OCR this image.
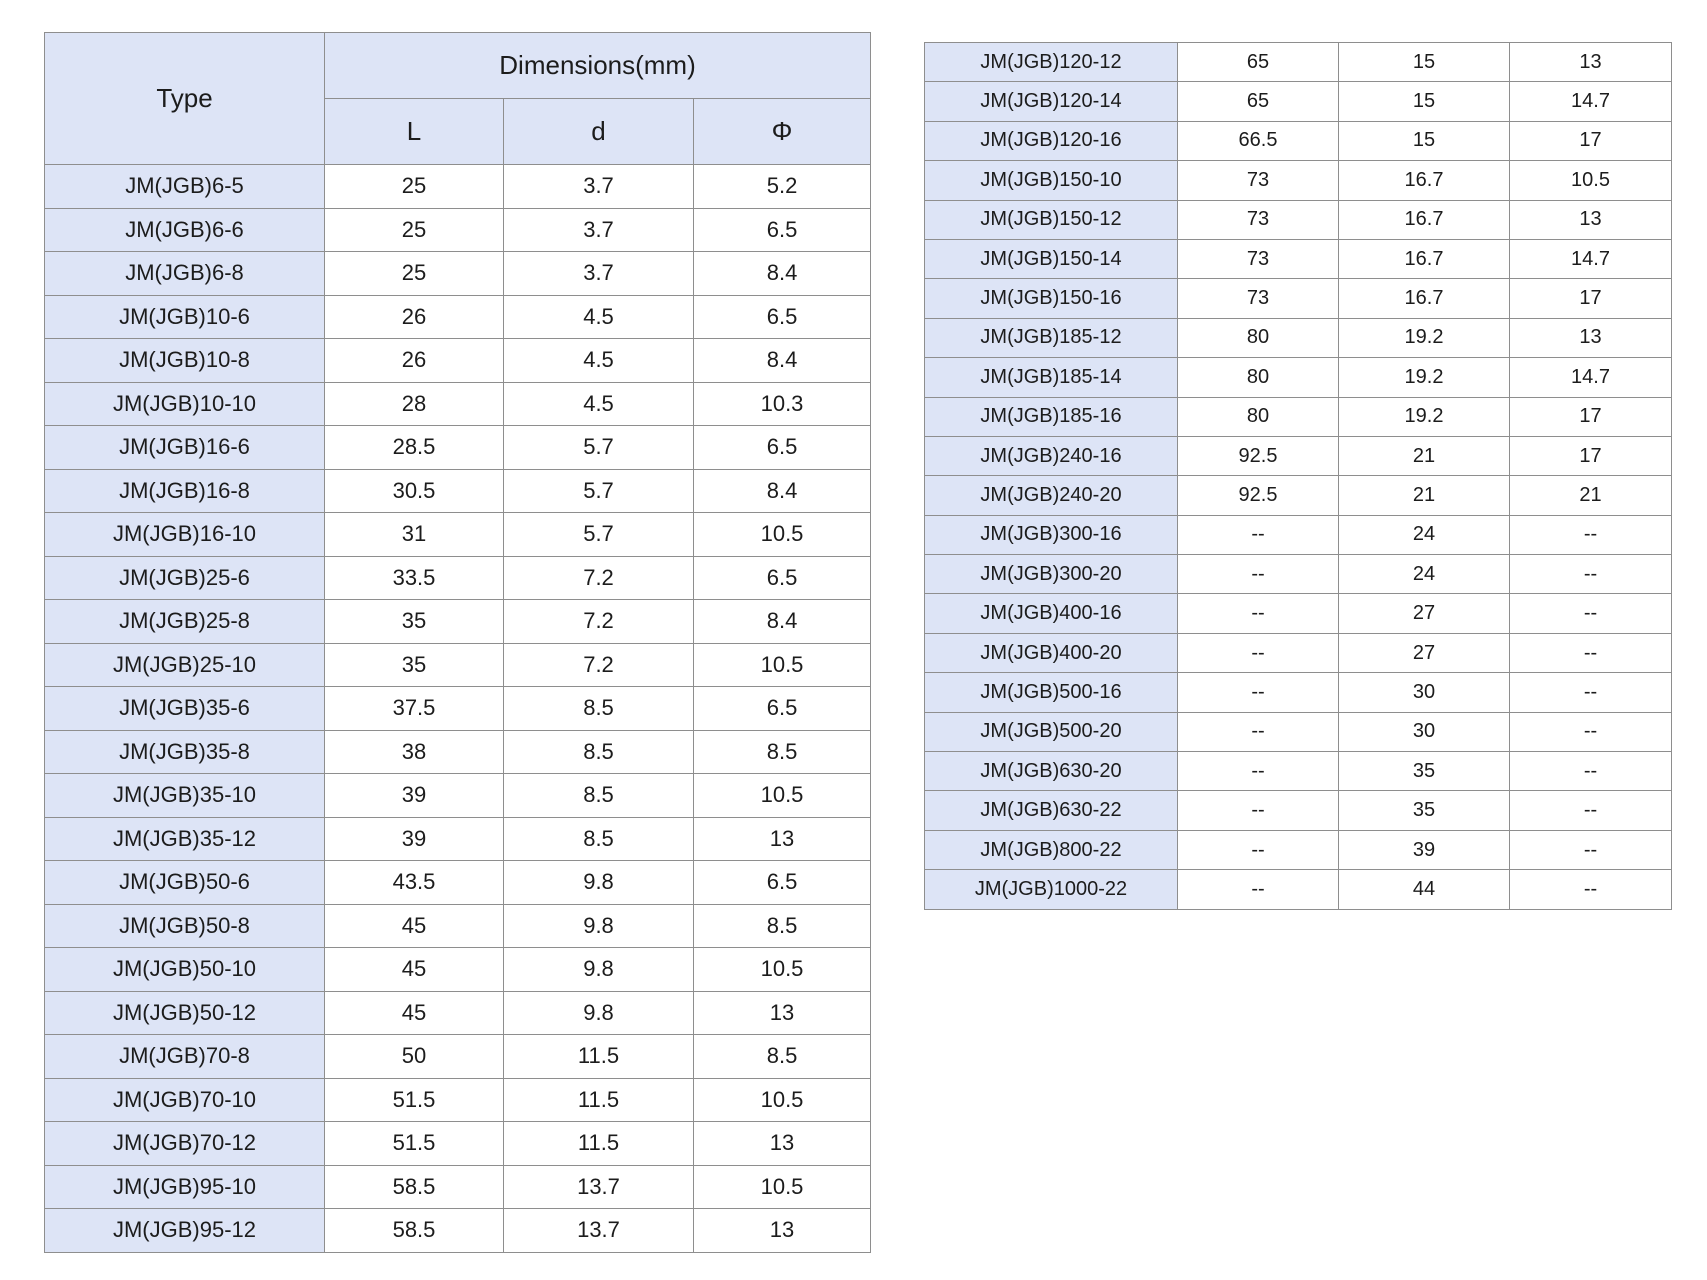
Type	Dimensions(mm)		
	L	d	Φ
JM(JGB)6-5	25	3.7	5.2
JM(JGB)6-6	25	3.7	6.5
JM(JGB)6-8	25	3.7	8.4
JM(JGB)10-6	26	4.5	6.5
JM(JGB)10-8	26	4.5	8.4
JM(JGB)10-10	28	4.5	10.3
JM(JGB)16-6	28.5	5.7	6.5
JM(JGB)16-8	30.5	5.7	8.4
JM(JGB)16-10	31	5.7	10.5
JM(JGB)25-6	33.5	7.2	6.5
JM(JGB)25-8	35	7.2	8.4
JM(JGB)25-10	35	7.2	10.5
JM(JGB)35-6	37.5	8.5	6.5
JM(JGB)35-8	38	8.5	8.5
JM(JGB)35-10	39	8.5	10.5
JM(JGB)35-12	39	8.5	13
JM(JGB)50-6	43.5	9.8	6.5
JM(JGB)50-8	45	9.8	8.5
JM(JGB)50-10	45	9.8	10.5
JM(JGB)50-12	45	9.8	13
JM(JGB)70-8	50	11.5	8.5
JM(JGB)70-10	51.5	11.5	10.5
JM(JGB)70-12	51.5	11.5	13
JM(JGB)95-10	58.5	13.7	10.5
JM(JGB)95-12	58.5	13.7	13
JM(JGB)120-12	65	15	13
JM(JGB)120-14	65	15	14.7
JM(JGB)120-16	66.5	15	17
JM(JGB)150-10	73	16.7	10.5
JM(JGB)150-12	73	16.7	13
JM(JGB)150-14	73	16.7	14.7
JM(JGB)150-16	73	16.7	17
JM(JGB)185-12	80	19.2	13
JM(JGB)185-14	80	19.2	14.7
JM(JGB)185-16	80	19.2	17
JM(JGB)240-16	92.5	21	17
JM(JGB)240-20	92.5	21	21
JM(JGB)300-16	--	24	--
JM(JGB)300-20	--	24	--
JM(JGB)400-16	--	27	--
JM(JGB)400-20	--	27	--
JM(JGB)500-16	--	30	--
JM(JGB)500-20	--	30	--
JM(JGB)630-20	--	35	--
JM(JGB)630-22	--	35	--
JM(JGB)800-22	--	39	--
JM(JGB)1000-22	--	44	--
